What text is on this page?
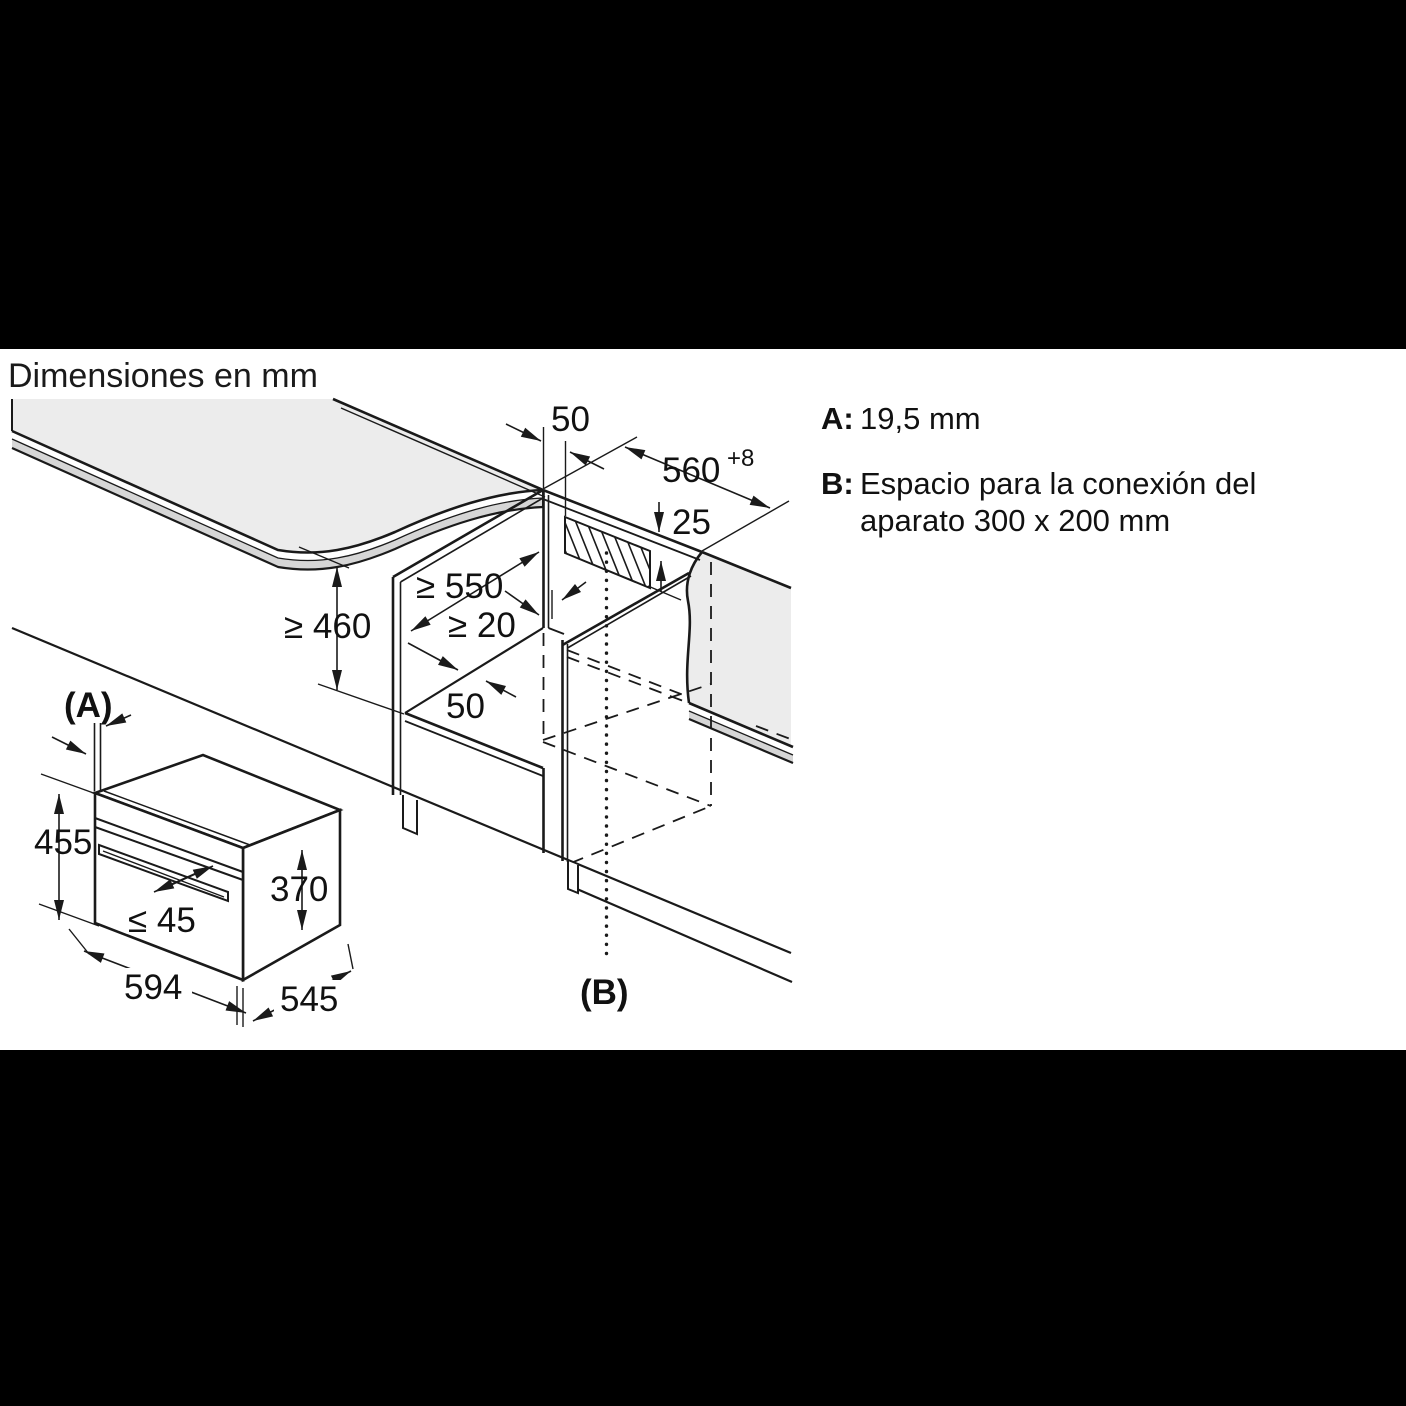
Dimensiones en mm
50
560 +8
25
≥ 550
≥ 20
50
≥ 460
(A)
455
370
≤ 45
594	545	(B)
A: 19,5 mm
B: Espacio para la conexión del
aparato 300 x 200 mm
